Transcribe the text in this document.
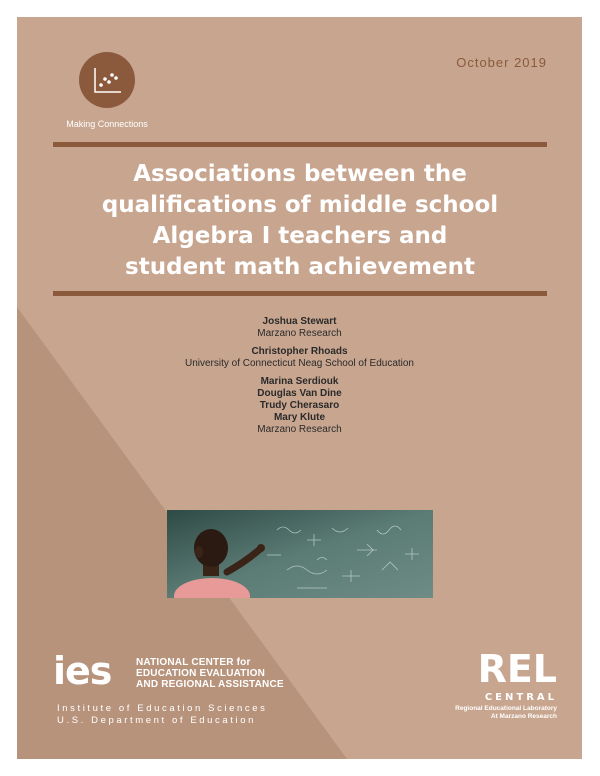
Making Connections
October 2019
Associations between the
qualifications of middle school
Algebra I teachers and
student math achievement
Joshua Stewart
Marzano Research
Christopher Rhoads
University of Connecticut Neag School of Education
Marina Serdiouk
Douglas Van Dine
Trudy Cherasaro
Mary Klute
Marzano Research
ies NATIONAL CENTER for
EDUCATION EVALUATION
AND REGIONAL ASSISTANCE
Institute of Education Sciences
U.S. Department of Education
REL
CENTRAL
Regional Educational Laboratory
At Marzano Research
